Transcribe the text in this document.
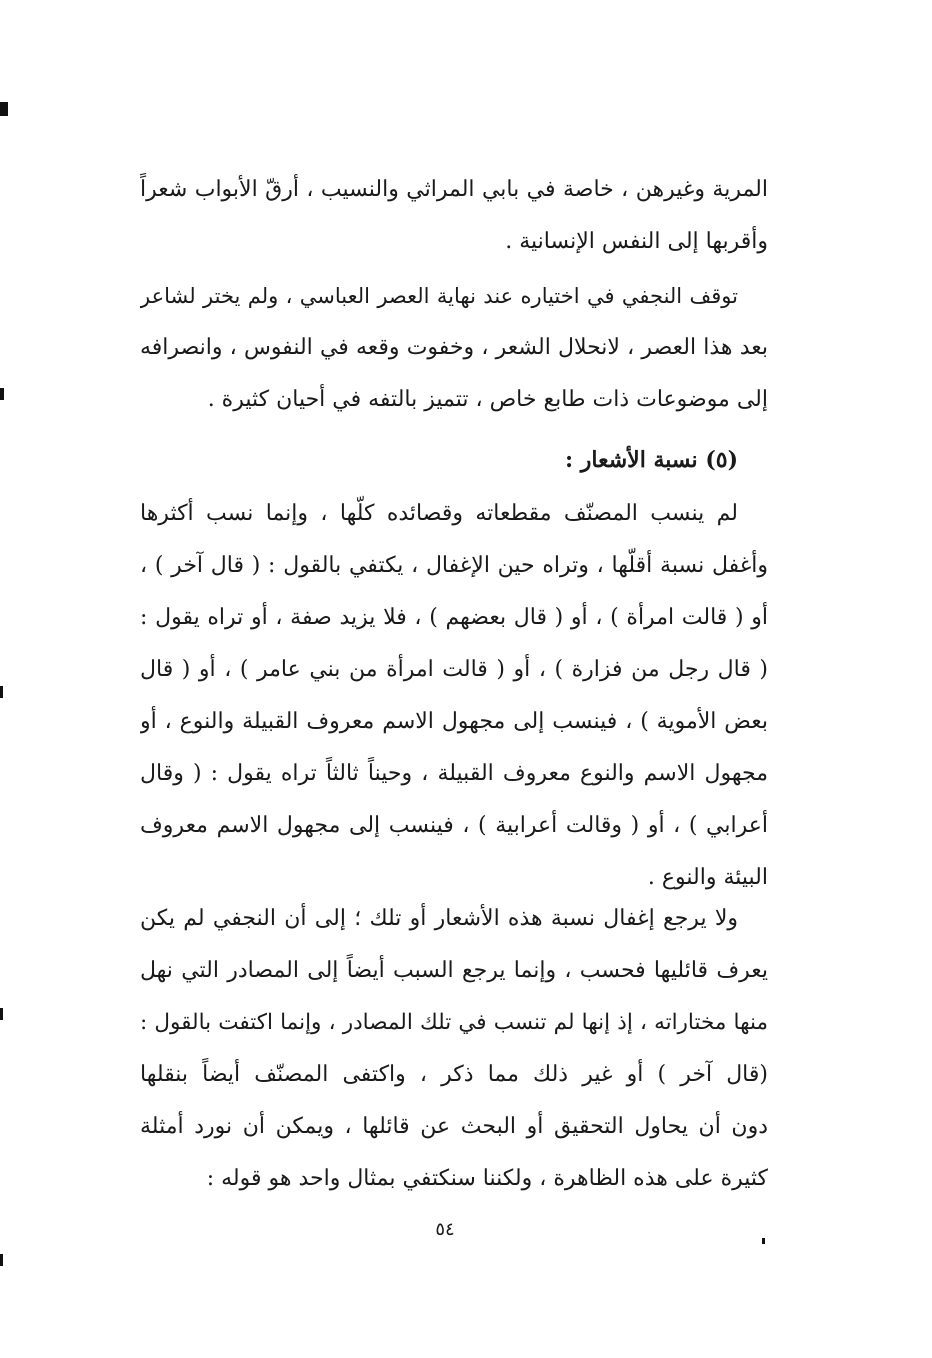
المرية وغيرهن ، خاصة في بابي المراثي والنسيب ، أرقّ الأبواب شعراً
وأقربها إلى النفس الإنسانية .
توقف النجفي في اختياره عند نهاية العصر العباسي ، ولم يختر لشاعر
بعد هذا العصر ، لانحلال الشعر ، وخفوت وقعه في النفوس ، وانصرافه
إلى موضوعات ذات طابع خاص ، تتميز بالتفه في أحيان كثيرة .
(٥) نسبة الأشعار :
لم ينسب المصنّف مقطعاته وقصائده كلّها ، وإنما نسب أكثرها
وأغفل نسبة أقلّها ، وتراه حين الإغفال ، يكتفي بالقول : ( قال آخر ) ،
أو ( قالت امرأة ) ، أو ( قال بعضهم ) ، فلا يزيد صفة ، أو تراه يقول :
( قال رجل من فزارة ) ، أو ( قالت امرأة من بني عامر ) ، أو ( قال
بعض الأموية ) ، فينسب إلى مجهول الاسم معروف القبيلة والنوع ، أو
مجهول الاسم والنوع معروف القبيلة ، وحيناً ثالثاً تراه يقول : ( وقال
أعرابي ) ، أو ( وقالت أعرابية ) ، فينسب إلى مجهول الاسم معروف
البيئة والنوع .
ولا يرجع إغفال نسبة هذه الأشعار أو تلك ؛ إلى أن النجفي لم يكن
يعرف قائليها فحسب ، وإنما يرجع السبب أيضاً إلى المصادر التي نهل
منها مختاراته ، إذ إنها لم تنسب في تلك المصادر ، وإنما اكتفت بالقول :
(قال آخر ) أو غير ذلك مما ذكر ، واكتفى المصنّف أيضاً بنقلها
دون أن يحاول التحقيق أو البحث عن قائلها ، ويمكن أن نورد أمثلة
كثيرة على هذه الظاهرة ، ولكننا سنكتفي بمثال واحد هو قوله :
٥٤
